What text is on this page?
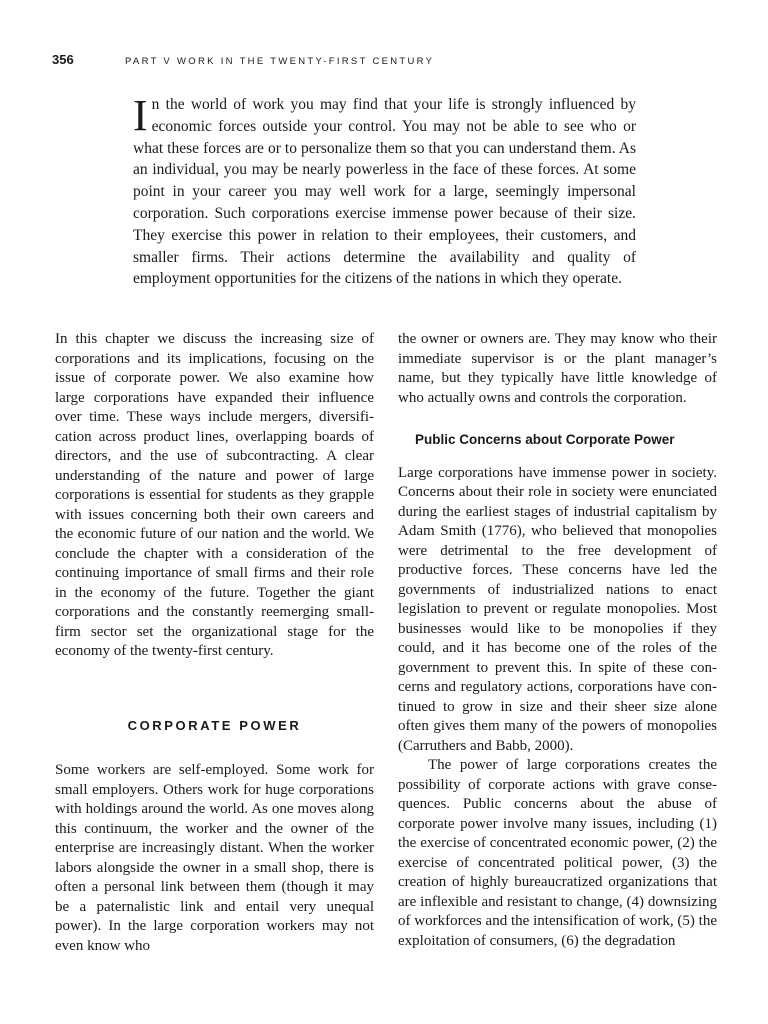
356	PART V WORK IN THE TWENTY-FIRST CENTURY

In the world of work you may find that your life is strongly influenced by economic forces outside your control. You may not be able to see who or what these forces are or to personalize them so that you can understand them. As an individual, you may be nearly powerless in the face of these forces. At some point in your career you may well work for a large, seemingly impersonal corporation. Such corporations exercise immense power because of their size. They exercise this power in relation to their employees, their customers, and smaller firms. Their actions determine the availability and quality of employment opportunities for the citizens of the nations in which they operate.

In this chapter we discuss the increasing size of corporations and its implications, focusing on the issue of corporate power. We also examine how large corporations have expanded their influence over time. These ways include mergers, diversification across product lines, overlapping boards of directors, and the use of subcontracting. A clear understanding of the nature and power of large corporations is essential for students as they grapple with issues concerning both their own careers and the economic future of our nation and the world. We conclude the chapter with a consideration of the continuing importance of small firms and their role in the economy of the future. Together the giant corporations and the constantly reemerging small-firm sector set the organizational stage for the economy of the twenty-first century.

CORPORATE POWER

Some workers are self-employed. Some work for small employers. Others work for huge corporations with holdings around the world. As one moves along this continuum, the worker and the owner of the enterprise are increasingly distant. When the worker labors alongside the owner in a small shop, there is often a personal link between them (though it may be a paternalistic link and entail very unequal power). In the large corporation workers may not even know who

the owner or owners are. They may know who their immediate supervisor is or the plant manager’s name, but they typically have little knowledge of who actually owns and controls the corporation.

Public Concerns about Corporate Power

Large corporations have immense power in society. Concerns about their role in society were enunciated during the earliest stages of industrial capitalism by Adam Smith (1776), who believed that monopolies were detrimental to the free development of productive forces. These concerns have led the governments of industrialized nations to enact legislation to prevent or regulate monopolies. Most businesses would like to be monopolies if they could, and it has become one of the roles of the government to prevent this. In spite of these concerns and regulatory actions, corporations have continued to grow in size and their sheer size alone often gives them many of the powers of monopolies (Carruthers and Babb, 2000).

The power of large corporations creates the possibility of corporate actions with grave consequences. Public concerns about the abuse of corporate power involve many issues, including (1) the exercise of concentrated economic power, (2) the exercise of concentrated political power, (3) the creation of highly bureaucratized organizations that are inflexible and resistant to change, (4) downsizing of workforces and the intensification of work, (5) the exploitation of consumers, (6) the degradation
